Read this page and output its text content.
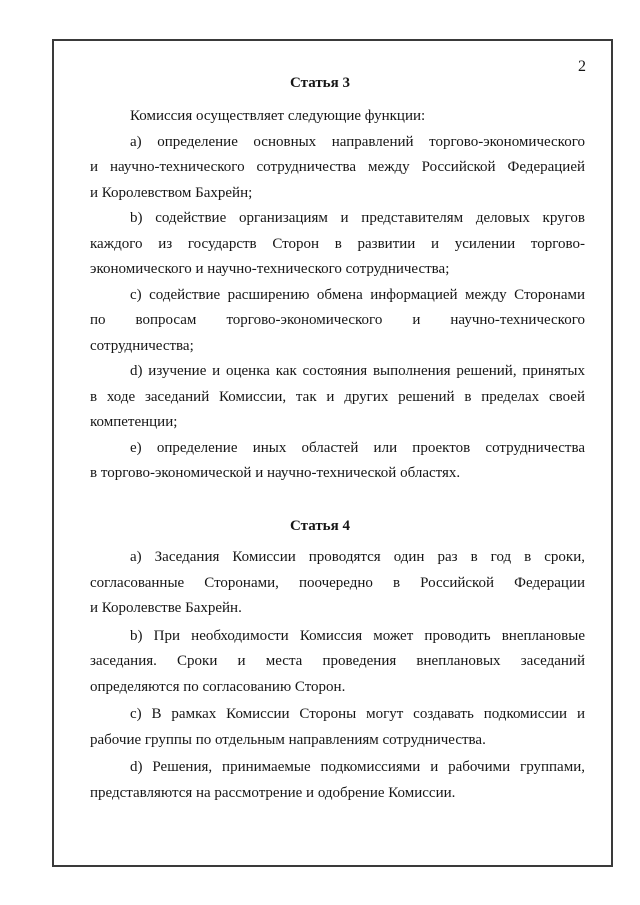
2
Статья 3

Комиссия осуществляет следующие функции:

а) определение основных направлений торгово-экономического
и научно-технического сотрудничества между Российской Федерацией
и Королевством Бахрейн;

b) содействие организациям и представителям деловых кругов
каждого из государств Сторон в развитии и усилении торгово-
экономического и научно-технического сотрудничества;

с) содействие расширению обмена информацией между Сторонами
по вопросам торгово-экономического и научно-технического
сотрудничества;

d) изучение и оценка как состояния выполнения решений, принятых
в ходе заседаний Комиссии, так и других решений в пределах своей
компетенции;

е) определение иных областей или проектов сотрудничества
в торгово-экономической и научно-технической областях.

Статья 4

а) Заседания Комиссии проводятся один раз в год в сроки,
согласованные Сторонами, поочередно в Российской Федерации
и Королевстве Бахрейн.

b) При необходимости Комиссия может проводить внеплановые
заседания. Сроки и места проведения внеплановых заседаний
определяются по согласованию Сторон.

с) В рамках Комиссии Стороны могут создавать подкомиссии и
рабочие группы по отдельным направлениям сотрудничества.

d) Решения, принимаемые подкомиссиями и рабочими группами,
представляются на рассмотрение и одобрение Комиссии.
